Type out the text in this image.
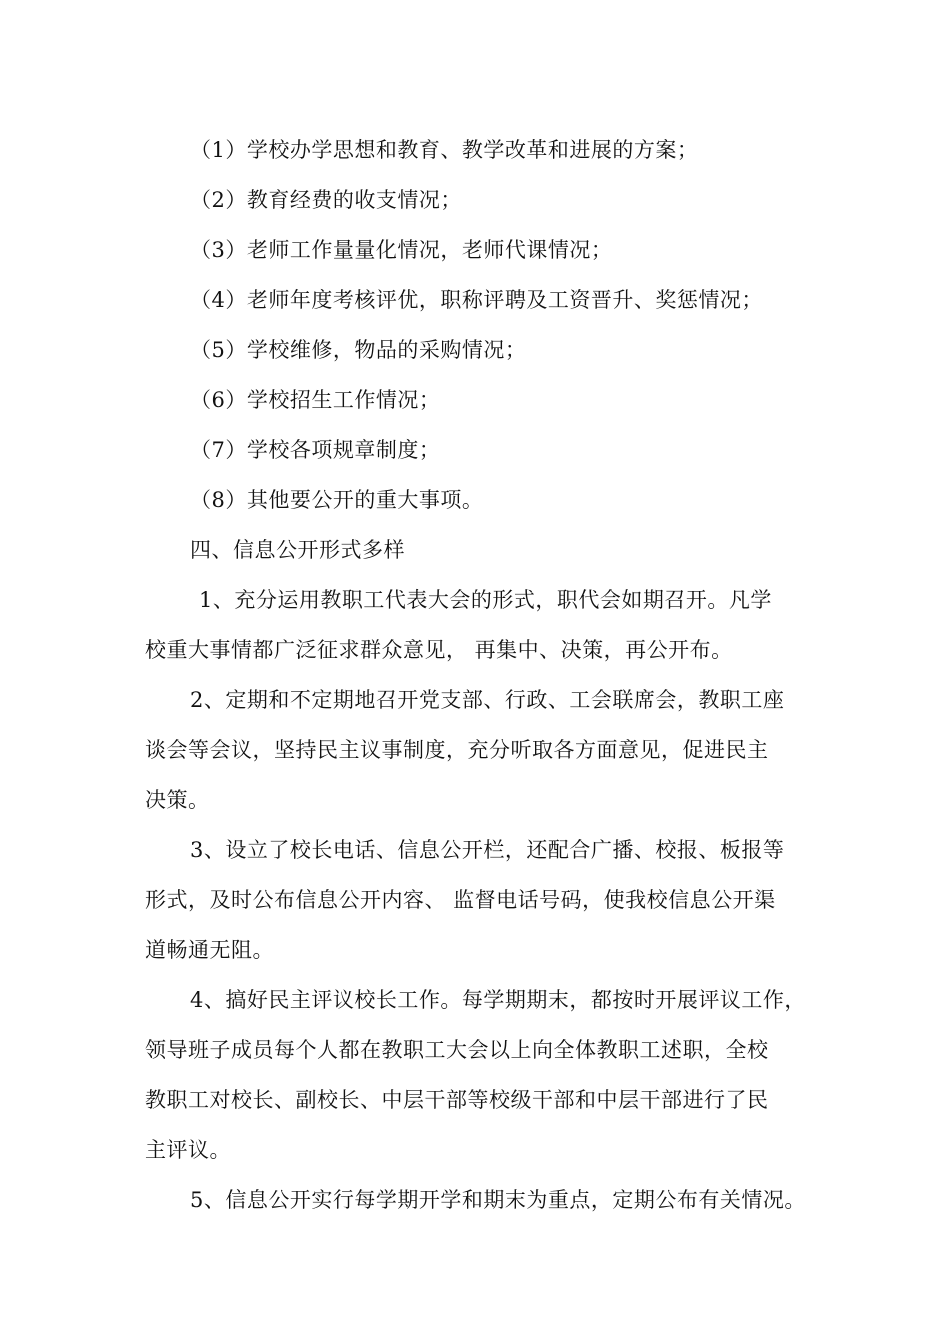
（1）学校办学思想和教育、教学改革和进展的方案；
（2）教育经费的收支情况；
（3）老师工作量量化情况，老师代课情况；
（4）老师年度考核评优，职称评聘及工资晋升、奖惩情况；
（5）学校维修，物品的采购情况；
（6）学校招生工作情况；
（7）学校各项规章制度；
（8）其他要公开的重大事项。
四、信息公开形式多样
1、充分运用教职工代表大会的形式，职代会如期召开。凡学
校重大事情都广泛征求群众意见， 再集中、决策，再公开布。
2、定期和不定期地召开党支部、行政、工会联席会，教职工座
谈会等会议，坚持民主议事制度，充分听取各方面意见，促进民主
决策。
3、设立了校长电话、信息公开栏，还配合广播、校报、板报等
形式，及时公布信息公开内容、 监督电话号码，使我校信息公开渠
道畅通无阻。
4、搞好民主评议校长工作。每学期期末，都按时开展评议工作，
领导班子成员每个人都在教职工大会以上向全体教职工述职，全校
教职工对校长、副校长、中层干部等校级干部和中层干部进行了民
主评议。
5、信息公开实行每学期开学和期末为重点，定期公布有关情况。
